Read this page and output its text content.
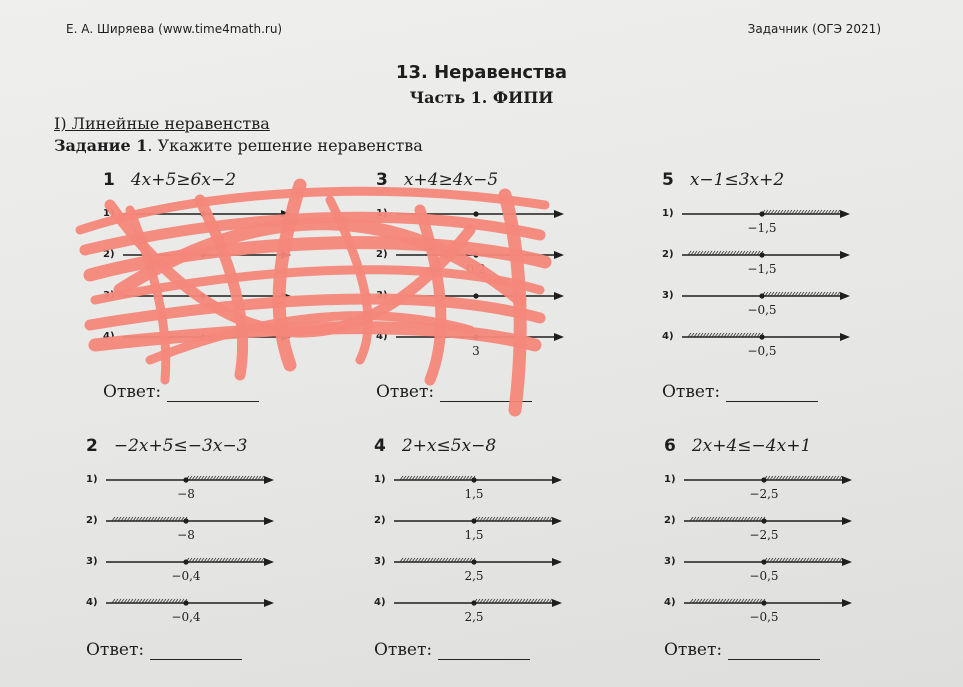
Е. А. Ширяева (www.time4math.ru)	Задачник (ОГЭ 2021)
13. Неравенства
Часть 1. ФИПИ
I) Линейные неравенства
Задание 1. Укажите решение неравенства
1 4x+5≥6x−2
1)
2)
3)
4)
Ответ:
2 −2x+5≤−3x−3
1)
−8
2)
−8
3)
−0,4
4)
−0,4
Ответ:
3 x+4≥4x−5
1)
2)
0,2
3)
4)
3
Ответ:
4 2+x≤5x−8
1)
1,5
2)
1,5
3)
2,5
4)
2,5
Ответ:
5 x−1≤3x+2
1)
−1,5
2)
−1,5
3)
−0,5
4)
−0,5
Ответ:
6 2x+4≤−4x+1
1)
−2,5
2)
−2,5
3)
−0,5
4)
−0,5
Ответ:
